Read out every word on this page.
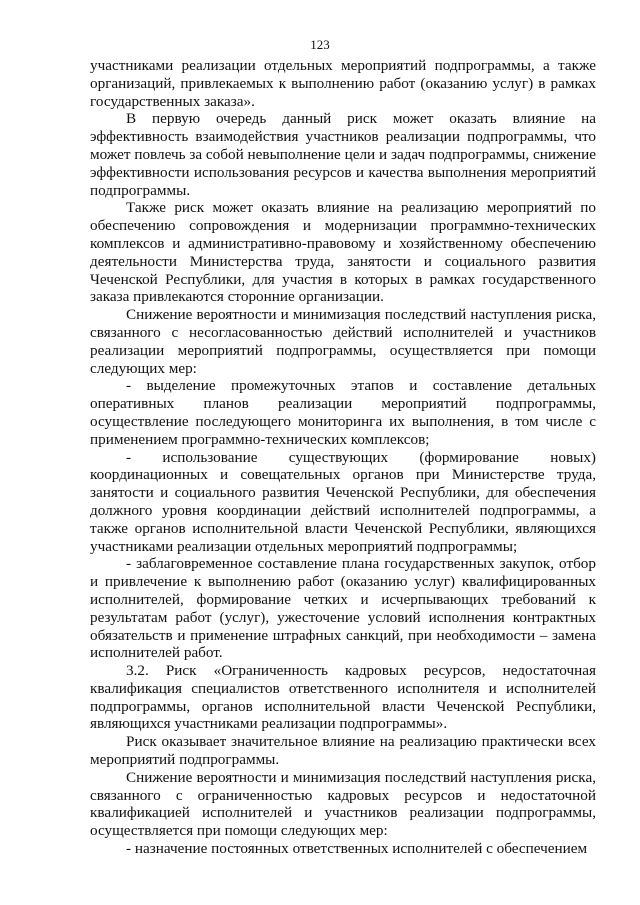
123

участниками реализации отдельных мероприятий подпрограммы, а также организаций, привлекаемых к выполнению работ (оказанию услуг) в рамках государственных заказа».

В первую очередь данный риск может оказать влияние на эффективность взаимодействия участников реализации подпрограммы, что может повлечь за собой невыполнение цели и задач подпрограммы, снижение эффективности использования ресурсов и качества выполнения мероприятий подпрограммы.

Также риск может оказать влияние на реализацию мероприятий по обеспечению сопровождения и модернизации программно-технических комплексов и административно-правовому и хозяйственному обеспечению деятельности Министерства труда, занятости и социального развития Чеченской Республики, для участия в которых в рамках государственного заказа привлекаются сторонние организации.

Снижение вероятности и минимизация последствий наступления риска, связанного с несогласованностью действий исполнителей и участников реализации мероприятий подпрограммы, осуществляется при помощи следующих мер:

- выделение промежуточных этапов и составление детальных оперативных планов реализации мероприятий подпрограммы, осуществление последующего мониторинга их выполнения, в том числе с применением программно-технических комплексов;

- использование существующих (формирование новых) координационных и совещательных органов при Министерстве труда, занятости и социального развития Чеченской Республики, для обеспечения должного уровня координации действий исполнителей подпрограммы, а также органов исполнительной власти Чеченской Республики, являющихся участниками реализации отдельных мероприятий подпрограммы;

- заблаговременное составление плана государственных закупок, отбор и привлечение к выполнению работ (оказанию услуг) квалифицированных исполнителей, формирование четких и исчерпывающих требований к результатам работ (услуг), ужесточение условий исполнения контрактных обязательств и применение штрафных санкций, при необходимости – замена исполнителей работ.

3.2. Риск «Ограниченность кадровых ресурсов, недостаточная квалификация специалистов ответственного исполнителя и исполнителей подпрограммы, органов исполнительной власти Чеченской Республики, являющихся участниками реализации подпрограммы».

Риск оказывает значительное влияние на реализацию практически всех мероприятий подпрограммы.

Снижение вероятности и минимизация последствий наступления риска, связанного с ограниченностью кадровых ресурсов и недостаточной квалификацией исполнителей и участников реализации подпрограммы, осуществляется при помощи следующих мер:

- назначение постоянных ответственных исполнителей с обеспечением
